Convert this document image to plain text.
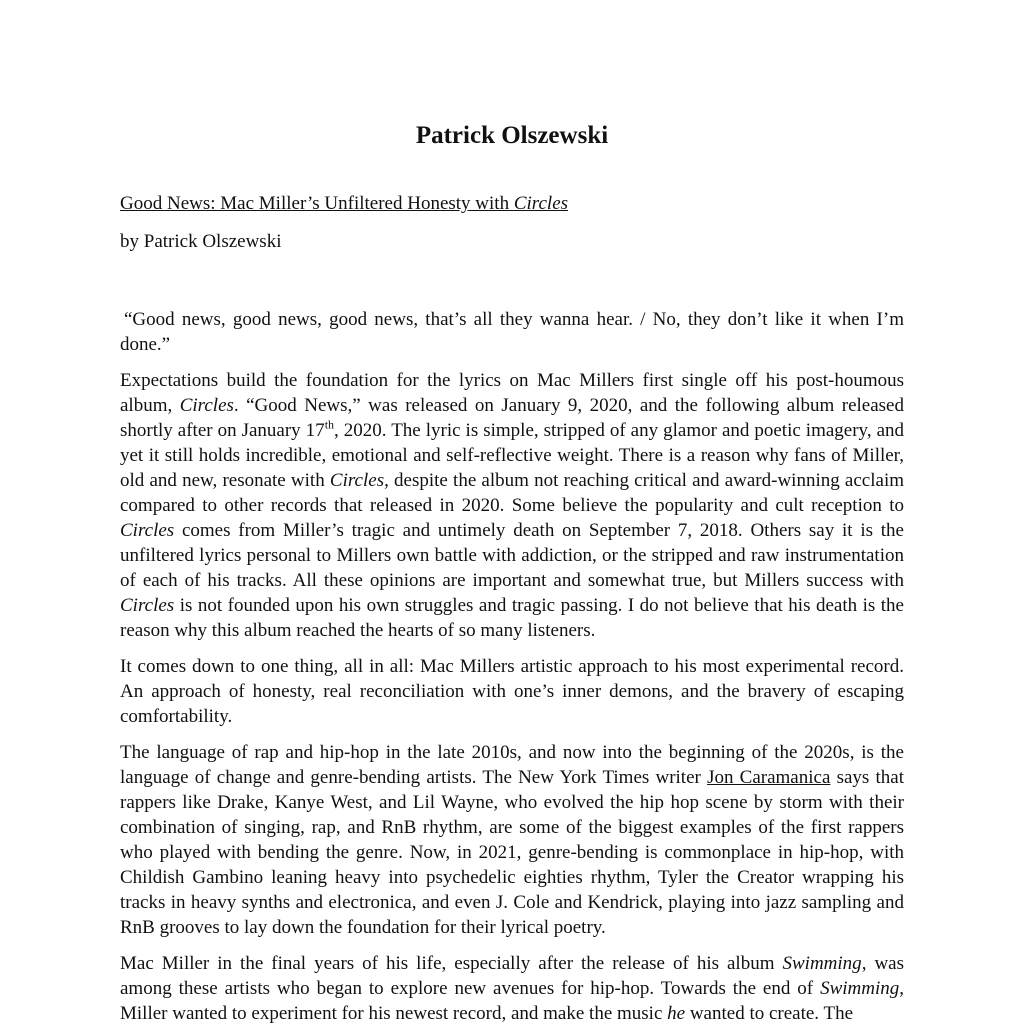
Patrick Olszewski

Good News: Mac Miller’s Unfiltered Honesty with Circles

by Patrick Olszewski

“Good news, good news, good news, that’s all they wanna hear. / No, they don’t like it when I’m done.”

Expectations build the foundation for the lyrics on Mac Millers first single off his post-houmous album, Circles. “Good News,” was released on January 9, 2020, and the following album released shortly after on January 17th, 2020. The lyric is simple, stripped of any glamor and poetic imagery, and yet it still holds incredible, emotional and self-reflective weight. There is a reason why fans of Miller, old and new, resonate with Circles, despite the album not reaching critical and award-winning acclaim compared to other records that released in 2020. Some believe the popularity and cult reception to Circles comes from Miller’s tragic and untimely death on September 7, 2018. Others say it is the unfiltered lyrics personal to Millers own battle with addiction, or the stripped and raw instrumentation of each of his tracks. All these opinions are important and somewhat true, but Millers success with Circles is not founded upon his own struggles and tragic passing. I do not believe that his death is the reason why this album reached the hearts of so many listeners.

It comes down to one thing, all in all: Mac Millers artistic approach to his most experimental record. An approach of honesty, real reconciliation with one’s inner demons, and the bravery of escaping comfortability.

The language of rap and hip-hop in the late 2010s, and now into the beginning of the 2020s, is the language of change and genre-bending artists. The New York Times writer Jon Caramanica says that rappers like Drake, Kanye West, and Lil Wayne, who evolved the hip hop scene by storm with their combination of singing, rap, and RnB rhythm, are some of the biggest examples of the first rappers who played with bending the genre. Now, in 2021, genre-bending is commonplace in hip-hop, with Childish Gambino leaning heavy into psychedelic eighties rhythm, Tyler the Creator wrapping his tracks in heavy synths and electronica, and even J. Cole and Kendrick, playing into jazz sampling and RnB grooves to lay down the foundation for their lyrical poetry.

Mac Miller in the final years of his life, especially after the release of his album Swimming, was among these artists who began to explore new avenues for hip-hop. Towards the end of Swimming, Miller wanted to experiment for his newest record, and make the music he wanted to create. The
